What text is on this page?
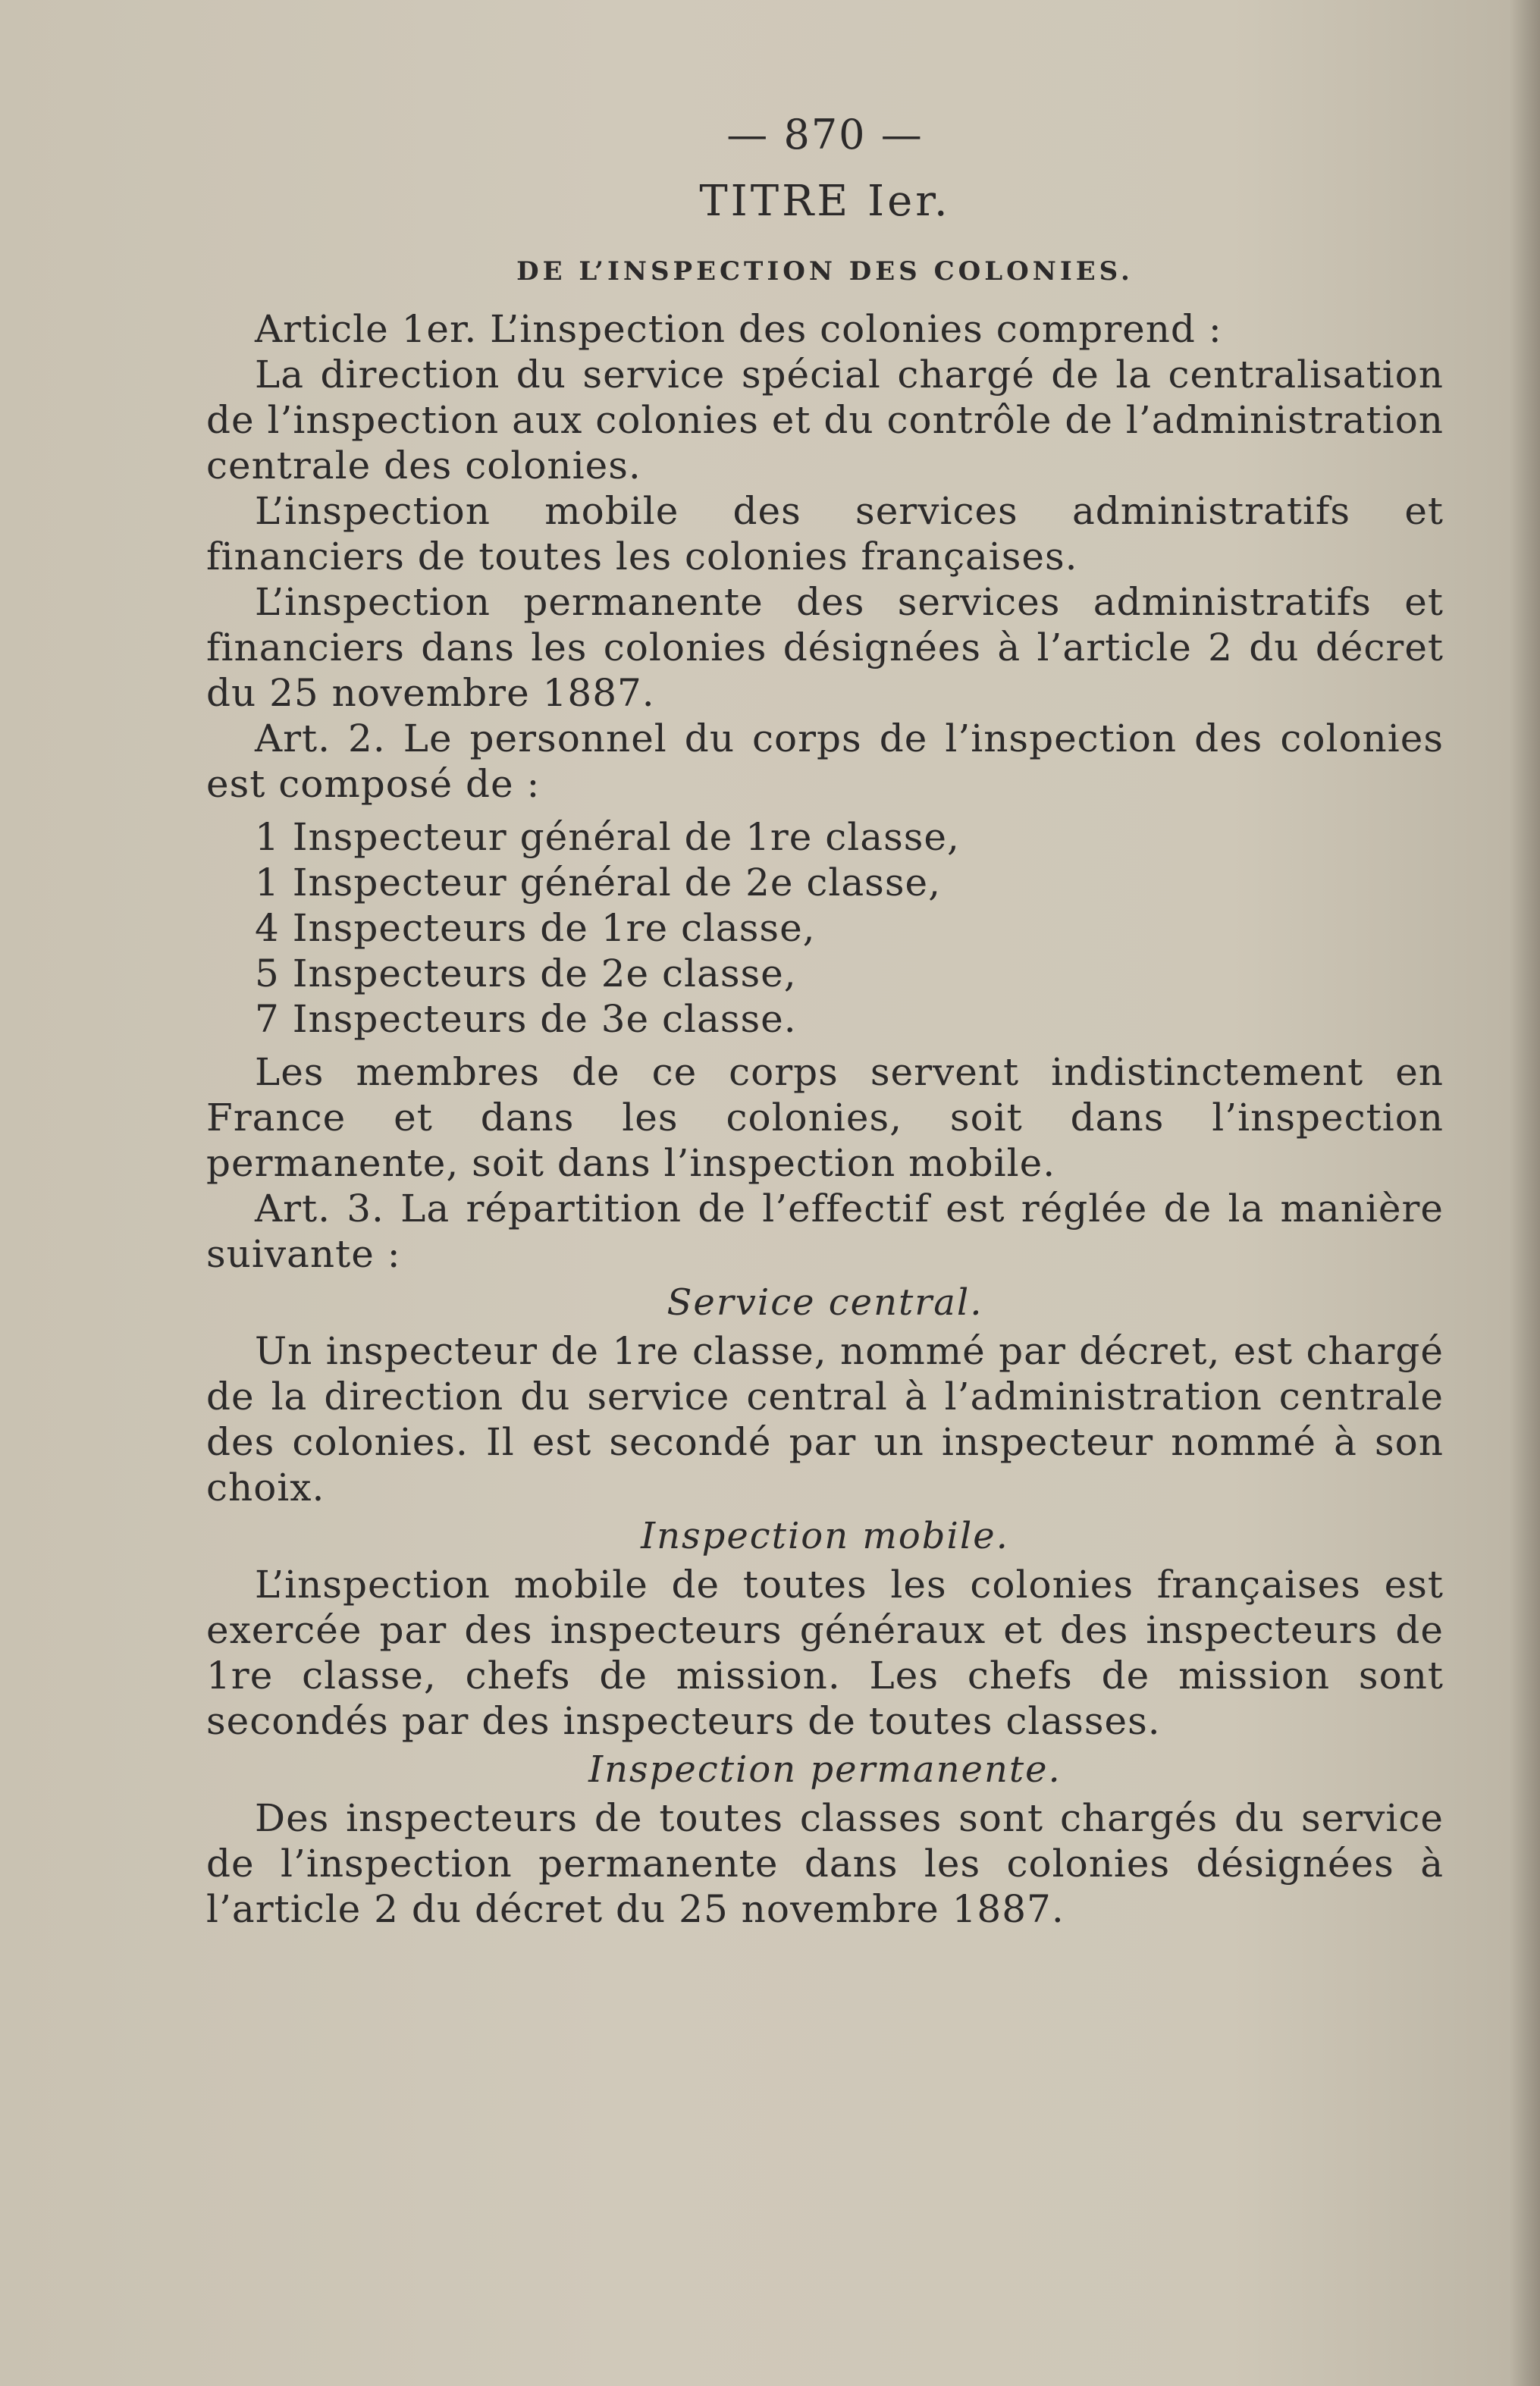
— 870 —
TITRE Ier.
DE L’INSPECTION DES COLONIES.
Article 1er. L’inspection des colonies comprend :
La direction du service spécial chargé de la centralisation de l’inspection aux colonies et du contrôle de l’administration centrale des colonies.
L’inspection mobile des services administratifs et financiers de toutes les colonies françaises.
L’inspection permanente des services administratifs et financiers dans les colonies désignées à l’article 2 du décret du 25 novembre 1887.
Art. 2. Le personnel du corps de l’inspection des colonies est composé de :
1 Inspecteur général de 1re classe,
1 Inspecteur général de 2e classe,
4 Inspecteurs de 1re classe,
5 Inspecteurs de 2e classe,
7 Inspecteurs de 3e classe.
Les membres de ce corps servent indistinctement en France et dans les colonies, soit dans l’inspection permanente, soit dans l’inspection mobile.
Art. 3. La répartition de l’effectif est réglée de la manière suivante :
Service central.
Un inspecteur de 1re classe, nommé par décret, est chargé de la direction du service central à l’administration centrale des colonies. Il est secondé par un inspecteur nommé à son choix.
Inspection mobile.
L’inspection mobile de toutes les colonies françaises est exercée par des inspecteurs généraux et des inspecteurs de 1re classe, chefs de mission. Les chefs de mission sont secondés par des inspecteurs de toutes classes.
Inspection permanente.
Des inspecteurs de toutes classes sont chargés du service de l’inspection permanente dans les colonies désignées à l’article 2 du décret du 25 novembre 1887.
